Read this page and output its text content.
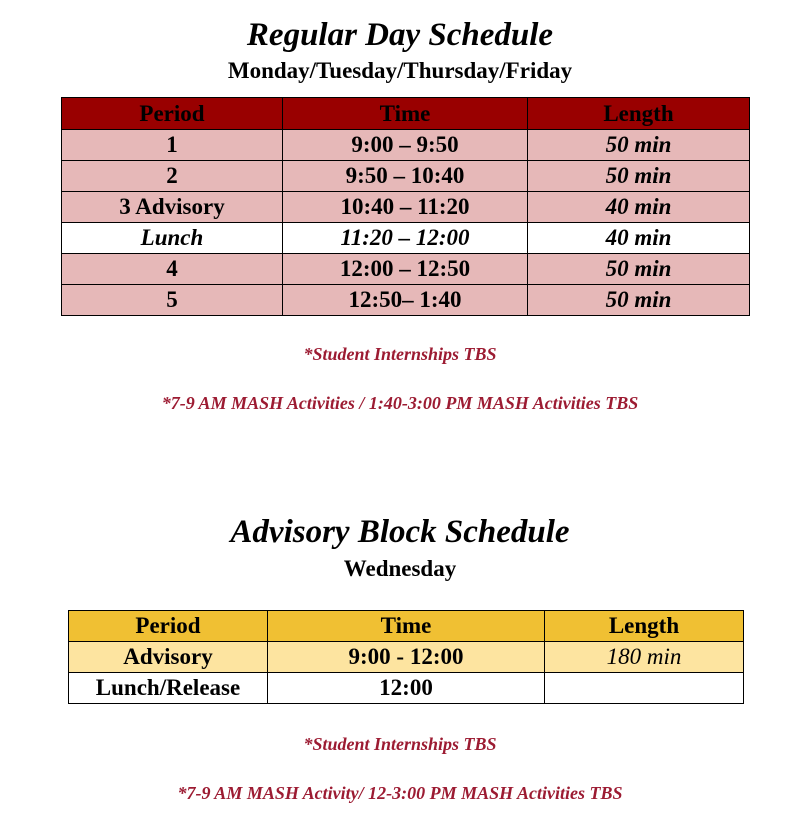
Regular Day Schedule
Monday/Tuesday/Thursday/Friday
Period	Time	Length
1	9:00 – 9:50	50 min
2	9:50 – 10:40	50 min
3 Advisory	10:40 – 11:20	40 min
Lunch	11:20 – 12:00	40 min
4	12:00 – 12:50	50 min
5	12:50– 1:40	50 min
*Student Internships TBS
*7-9 AM MASH Activities / 1:40-3:00 PM MASH Activities TBS
Advisory Block Schedule
Wednesday
Period	Time	Length
Advisory	9:00 - 12:00	180 min
Lunch/Release	12:00	
*Student Internships TBS
*7-9 AM MASH Activity/ 12-3:00 PM MASH Activities TBS
